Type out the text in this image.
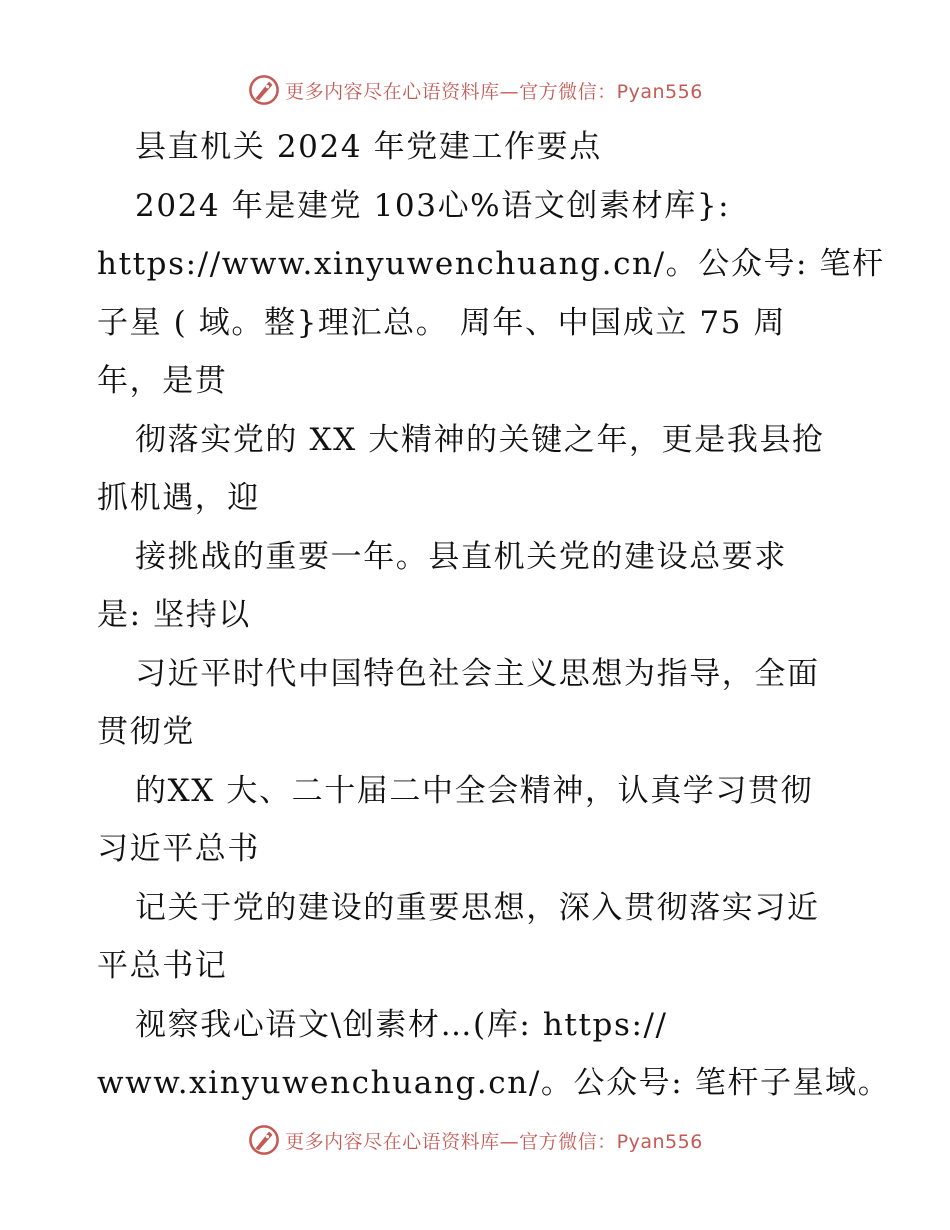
更多内容尽在心语资料库—官方微信：Pyan556
县直机关 2024 年党建工作要点
2024 年是建党 103心%语文创素材库}:
https://www.xinyuwenchuang.cn/。公众号: 笔杆
子星 ( 域。整}理汇总。 周年、中国成立 75 周
年，是贯
彻落实党的 XX 大精神的关键之年，更是我县抢
抓机遇，迎
接挑战的重要一年。县直机关党的建设总要求
是: 坚持以
习近平时代中国特色社会主义思想为指导，全面
贯彻党
的XX 大、二十届二中全会精神，认真学习贯彻
习近平总书
记关于党的建设的重要思想，深入贯彻落实习近
平总书记
视察我心语文\创素材…(库: https://
www.xinyuwenchuang.cn/。公众号: 笔杆子星域。
更多内容尽在心语资料库—官方微信：Pyan556
